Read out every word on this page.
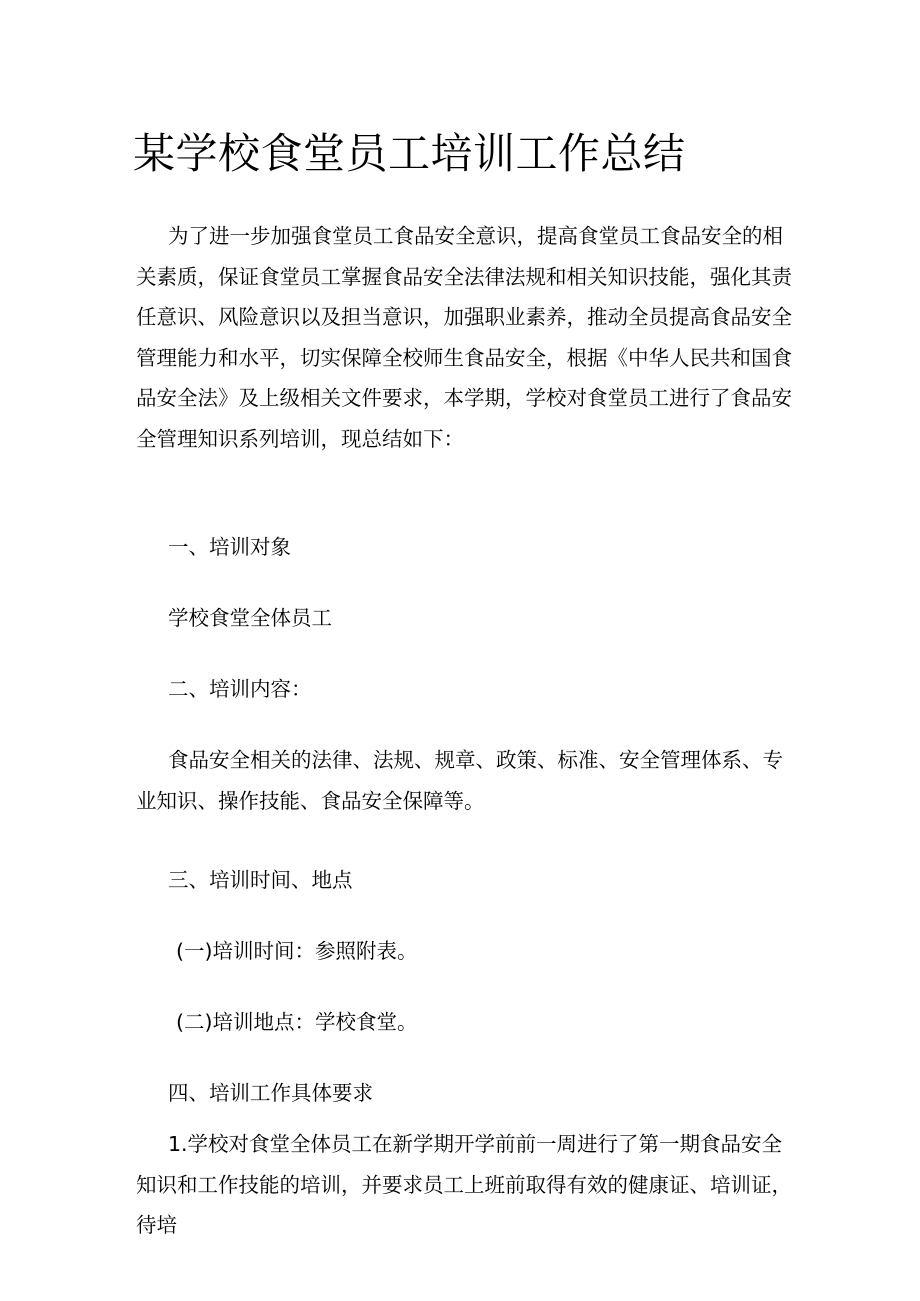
某学校食堂员工培训工作总结

为了进一步加强食堂员工食品安全意识，提高食堂员工食品安全的相关素质，保证食堂员工掌握食品安全法律法规和相关知识技能，强化其责任意识、风险意识以及担当意识，加强职业素养，推动全员提高食品安全管理能力和水平，切实保障全校师生食品安全，根据《中华人民共和国食品安全法》及上级相关文件要求，本学期，学校对食堂员工进行了食品安全管理知识系列培训，现总结如下：

一、培训对象

学校食堂全体员工

二、培训内容：

食品安全相关的法律、法规、规章、政策、标准、安全管理体系、专业知识、操作技能、食品安全保障等。

三、培训时间、地点

(一)培训时间：参照附表。

(二)培训地点：学校食堂。

四、培训工作具体要求

1.学校对食堂全体员工在新学期开学前前一周进行了第一期食品安全知识和工作技能的培训，并要求员工上班前取得有效的健康证、培训证，待培
